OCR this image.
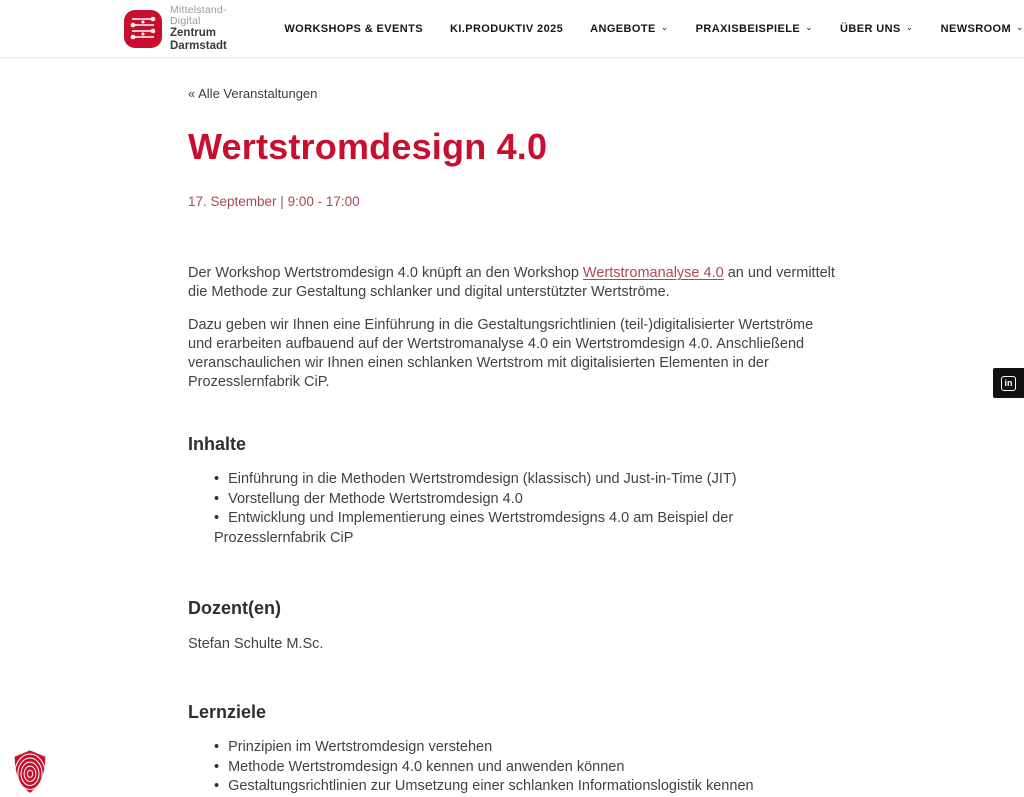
Mittelstand-Digital
Zentrum
Darmstadt
WORKSHOPS & EVENTS KI.PRODUKTIV 2025 ANGEBOTE ⌄ PRAXISBEISPIELE ⌄ ÜBER UNS ⌄ NEWSROOM ⌄
« Alle Veranstaltungen
Wertstromdesign 4.0
17. September | 9:00 - 17:00

Der Workshop Wertstromdesign 4.0 knüpft an den Workshop Wertstromanalyse 4.0 an und vermittelt die Methode zur Gestaltung schlanker und digital unterstützter Wertströme.

Dazu geben wir Ihnen eine Einführung in die Gestaltungsrichtlinien (teil-)digitalisierter Wertströme und erarbeiten aufbauend auf der Wertstromanalyse 4.0 ein Wertstromdesign 4.0. Anschließend veranschaulichen wir Ihnen einen schlanken Wertstrom mit digitalisierten Elementen in der Prozesslernfabrik CiP.

Inhalte
• Einführung in die Methoden Wertstromdesign (klassisch) und Just-in-Time (JIT)
• Vorstellung der Methode Wertstromdesign 4.0
• Entwicklung und Implementierung eines Wertstromdesigns 4.0 am Beispiel der Prozesslernfabrik CiP
Dozent(en)

Stefan Schulte M.Sc.

Lernziele
• Prinzipien im Wertstromdesign verstehen
• Methode Wertstromdesign 4.0 kennen und anwenden können
• Gestaltungsrichtlinien zur Umsetzung einer schlanken Informationslogistik kennen
in
